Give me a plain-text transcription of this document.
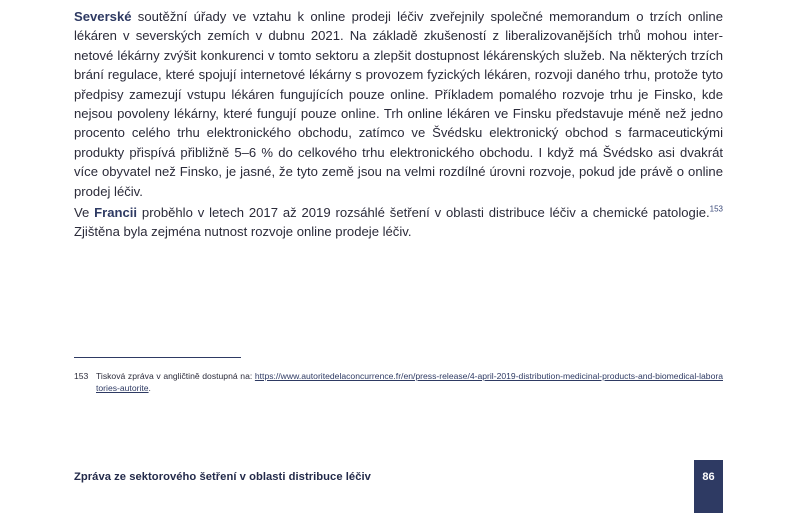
Severské soutěžní úřady ve vztahu k online prodeji léčiv zveřejnily společné memorandum o trzích online lékáren v severských zemích v dubnu 2021. Na základě zkušeností z liberalizovanějších trhů mohou internetové lékárny zvýšit konkurenci v tomto sektoru a zlepšit dostupnost lékárenských služeb. Na některých trzích brání regulace, které spojují internetové lékárny s provozem fyzických lékáren, rozvoji daného trhu, protože tyto předpisy zamezují vstupu lékáren fungujících pouze online. Příkladem pomalého rozvoje trhu je Finsko, kde nejsou povoleny lékárny, které fungují pouze online. Trh online lékáren ve Finsku představuje méně než jedno procento celého trhu elektronického obchodu, zatímco ve Švédsku elektronický obchod s farmaceutickými produkty přispívá přibližně 5–6 % do celkového trhu elektronického obchodu. I když má Švédsko asi dvakrát více obyvatel než Finsko, je jasné, že tyto země jsou na velmi rozdílné úrovni rozvoje, pokud jde právě o online prodej léčiv.

Ve Francii proběhlo v letech 2017 až 2019 rozsáhlé šetření v oblasti distribuce léčiv a chemické patologie.$^{153}$ Zjištěna byla zejména nutnost rozvoje online prodeje léčiv.

153 Tisková zpráva v angličtině dostupná na: https://www.autoritedelaconcurrence.fr/en/press-release/4-april-2019-distribution-medicinal-products-and-biomedical-laboratories-autorite.
Zpráva ze sektorového šetření v oblasti distribuce léčiv	86
